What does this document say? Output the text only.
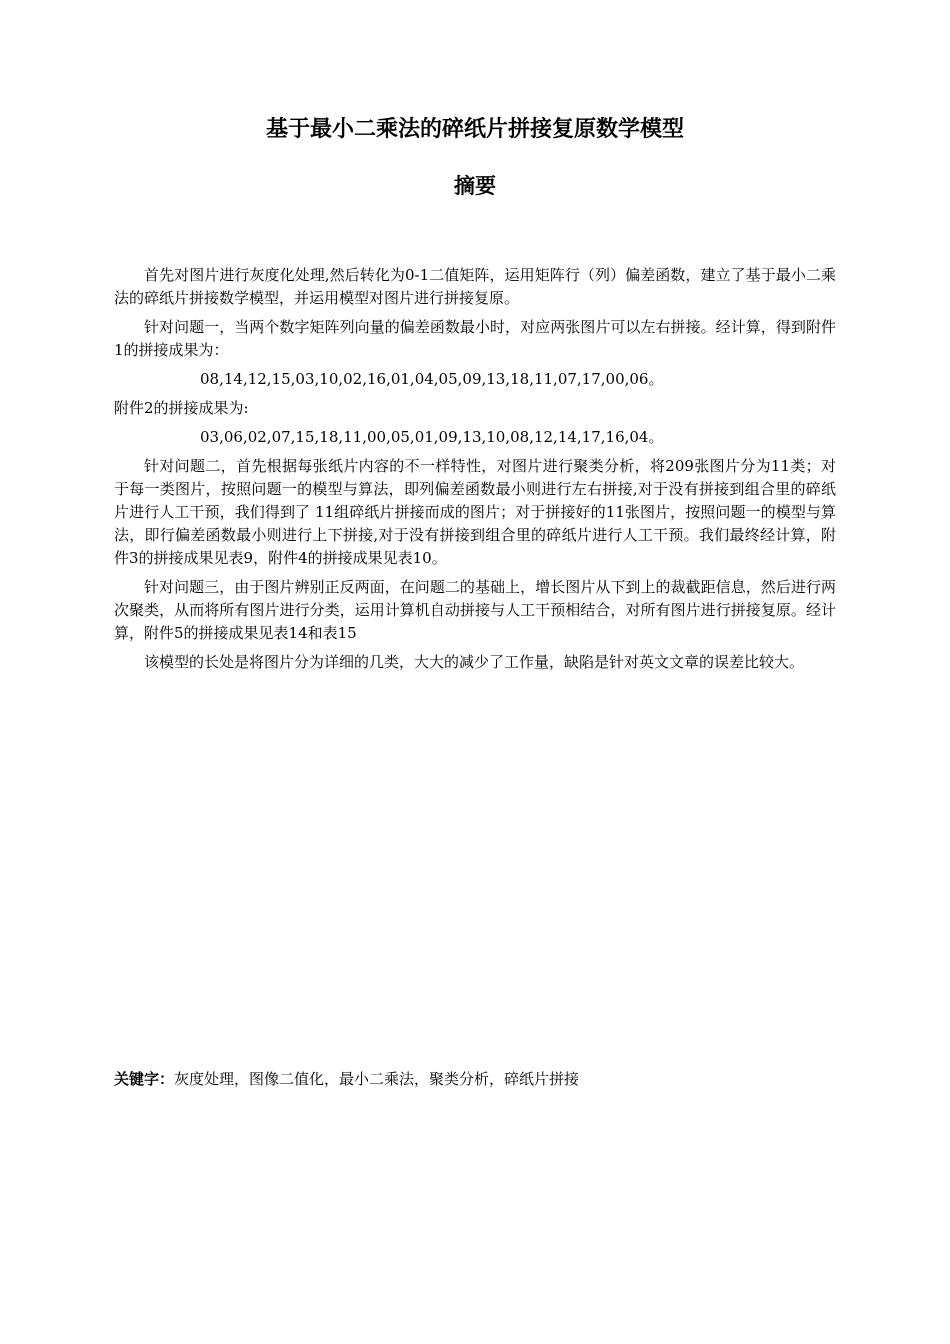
基于最小二乘法的碎纸片拼接复原数学模型
摘要

首先对图片进行灰度化处理,然后转化为0-1二值矩阵，运用矩阵行（列）偏差函数，建立了基于最小二乘法的碎纸片拼接数学模型，并运用模型对图片进行拼接复原。

针对问题一，当两个数字矩阵列向量的偏差函数最小时，对应两张图片可以左右拼接。经计算，得到附件1的拼接成果为：

08,14,12,15,03,10,02,16,01,04,05,09,13,18,11,07,17,00,06。

附件2的拼接成果为:

03,06,02,07,15,18,11,00,05,01,09,13,10,08,12,14,17,16,04。

针对问题二，首先根据每张纸片内容的不一样特性，对图片进行聚类分析，将209张图片分为11类；对于每一类图片，按照问题一的模型与算法，即列偏差函数最小则进行左右拼接,对于没有拼接到组合里的碎纸片进行人工干预，我们得到了 11组碎纸片拼接而成的图片；对于拼接好的11张图片，按照问题一的模型与算法，即行偏差函数最小则进行上下拼接,对于没有拼接到组合里的碎纸片进行人工干预。我们最终经计算，附件3的拼接成果见表9，附件4的拼接成果见表10。

针对问题三，由于图片辨别正反两面，在问题二的基础上，增长图片从下到上的裁截距信息，然后进行两次聚类，从而将所有图片进行分类，运用计算机自动拼接与人工干预相结合，对所有图片进行拼接复原。经计算，附件5的拼接成果见表14和表15

该模型的长处是将图片分为详细的几类，大大的减少了工作量，缺陷是针对英文文章的误差比较大。

关键字：灰度处理，图像二值化，最小二乘法，聚类分析，碎纸片拼接
